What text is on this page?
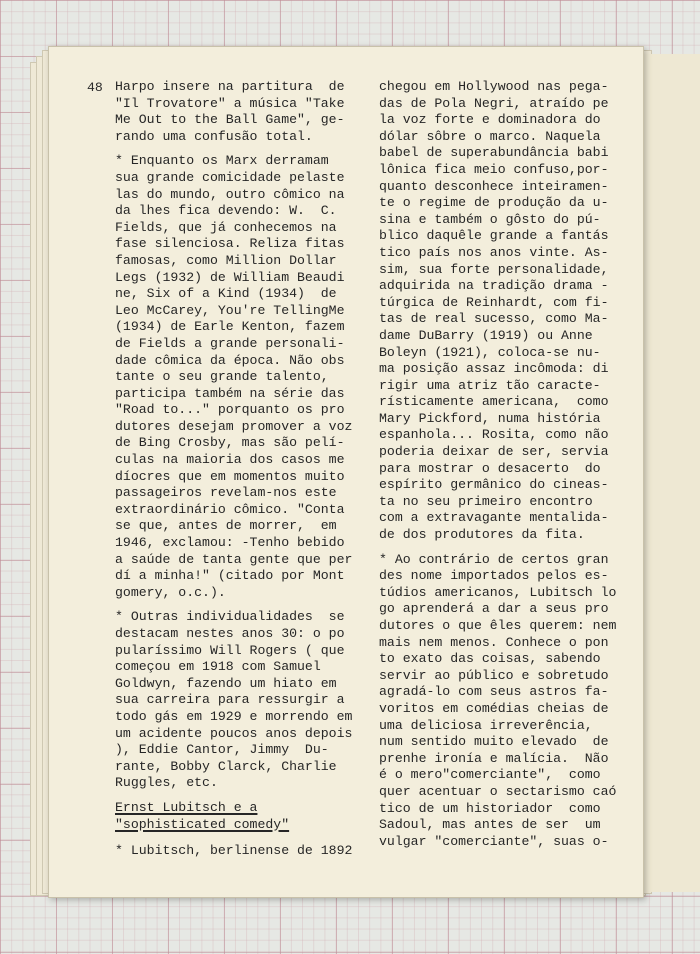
48 Harpo insere na partitura  de
"Il Trovatore" a música "Take
Me Out to the Ball Game", ge-
rando uma confusão total.

* Enquanto os Marx derramam
sua grande comicidade pelaste
las do mundo, outro cômico na
da lhes fica devendo: W.  C.
Fields, que já conhecemos na
fase silenciosa. Reliza fitas
famosas, como Million Dollar
Legs (1932) de William Beaudi
ne, Six of a Kind (1934)  de
Leo McCarey, You're TellingMe
(1934) de Earle Kenton, fazem
de Fields a grande personali-
dade cômica da época. Não obs
tante o seu grande talento,
participa também na série das
"Road to..." porquanto os pro
dutores desejam promover a voz
de Bing Crosby, mas são pelí-
culas na maioria dos casos me
díocres que em momentos muito
passageiros revelam-nos este
extraordinário cômico. "Conta
se que, antes de morrer,  em
1946, exclamou: -Tenho bebido
a saúde de tanta gente que per
dí a minha!" (citado por Mont
gomery, o.c.).

* Outras individualidades  se
destacam nestes anos 30: o po
pularíssimo Will Rogers ( que
começou em 1918 com Samuel
Goldwyn, fazendo um hiato em
sua carreira para ressurgir a
todo gás em 1929 e morrendo em
um acidente poucos anos depois
), Eddie Cantor, Jimmy  Du-
rante, Bobby Clarck, Charlie
Ruggles, etc.

Ernst Lubitsch e a
"sophisticated comedy"

* Lubitsch, berlinense de 1892

chegou em Hollywood nas pega-
das de Pola Negri, atraído pe
la voz forte e dominadora do
dólar sôbre o marco. Naquela
babel de superabundância babi
lônica fica meio confuso,por-
quanto desconhece inteiramen-
te o regime de produção da u-
sina e também o gôsto do pú-
blico daquêle grande a fantás
tico país nos anos vinte. As-
sim, sua forte personalidade,
adquirida na tradição drama -
túrgica de Reinhardt, com fi-
tas de real sucesso, como Ma-
dame DuBarry (1919) ou Anne
Boleyn (1921), coloca-se nu-
ma posição assaz incômoda: di
rigir uma atriz tão caracte-
rísticamente americana,  como
Mary Pickford, numa história
espanhola... Rosita, como não
poderia deixar de ser, servia
para mostrar o desacerto  do
espírito germânico do cineas-
ta no seu primeiro encontro
com a extravagante mentalida-
de dos produtores da fita.

* Ao contrário de certos gran
des nome importados pelos es-
túdios americanos, Lubitsch lo
go aprenderá a dar a seus pro
dutores o que êles querem: nem
mais nem menos. Conhece o pon
to exato das coisas, sabendo
servir ao público e sobretudo
agradá-lo com seus astros fa-
voritos em comédias cheias de
uma deliciosa irreverência,
num sentido muito elevado  de
prenhe ironía e malícia.  Não
é o mero"comerciante",  como
quer acentuar o sectarismo caó
tico de um historiador  como
Sadoul, mas antes de ser  um
vulgar "comerciante", suas o-
